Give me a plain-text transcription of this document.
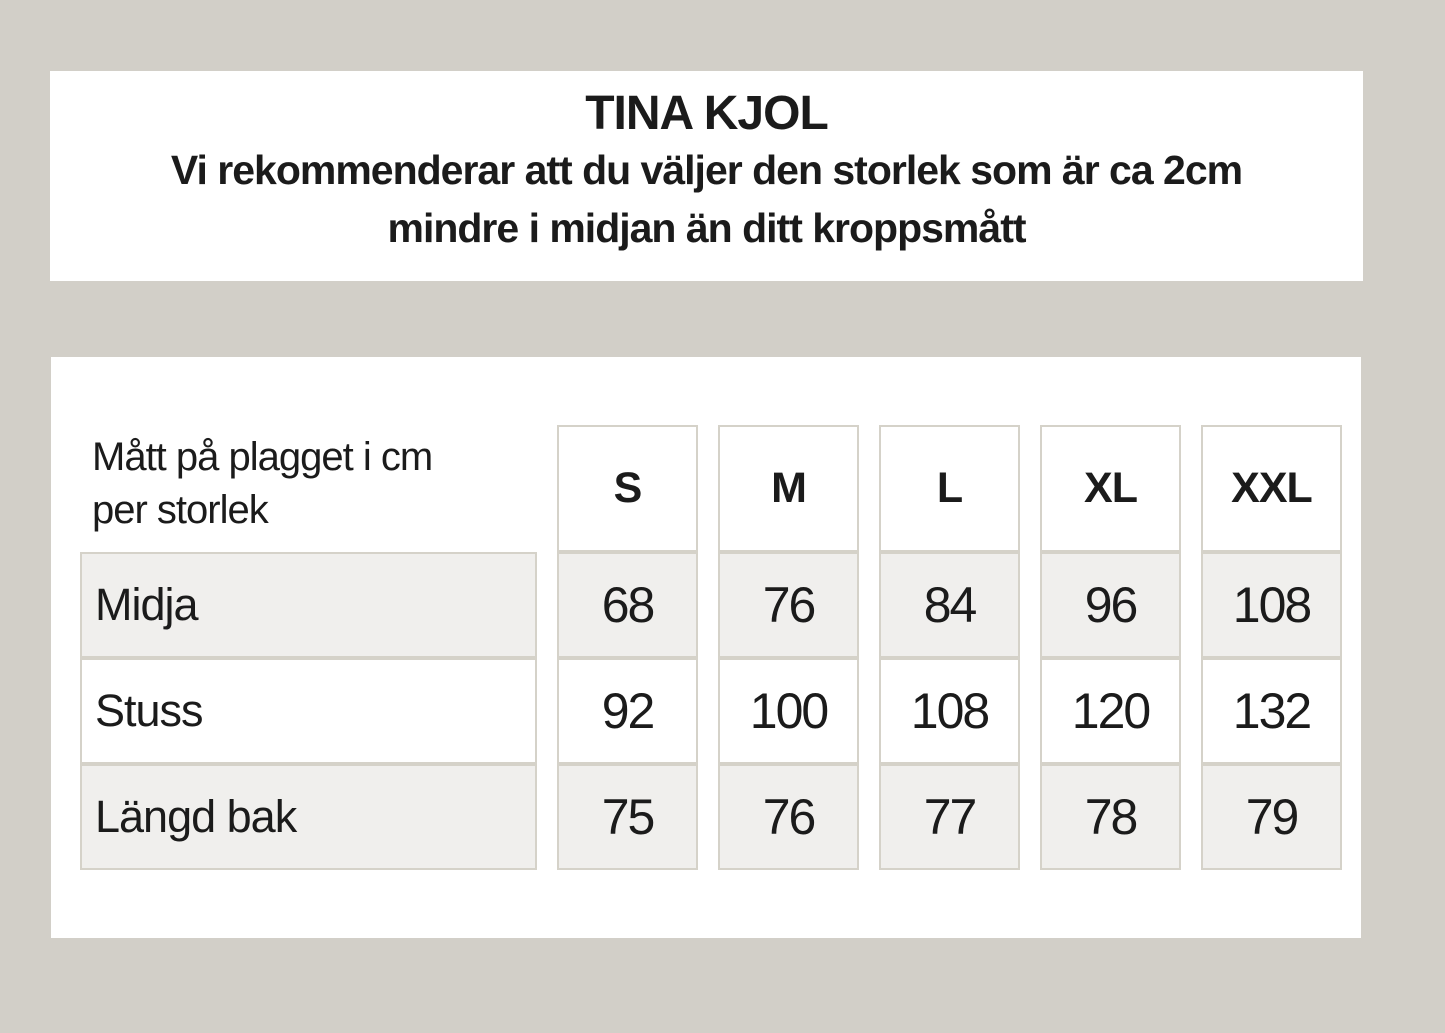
TINA KJOL

Vi rekommenderar att du väljer den storlek som är ca 2cm

mindre i midjan än ditt kroppsmått

Mått på plagget i cm per storlek
Midja
Stuss
Längd bak
S
68
92
75
M
76
100
76
L
84
108
77
XL
96
120
78
XXL
108
132
79
